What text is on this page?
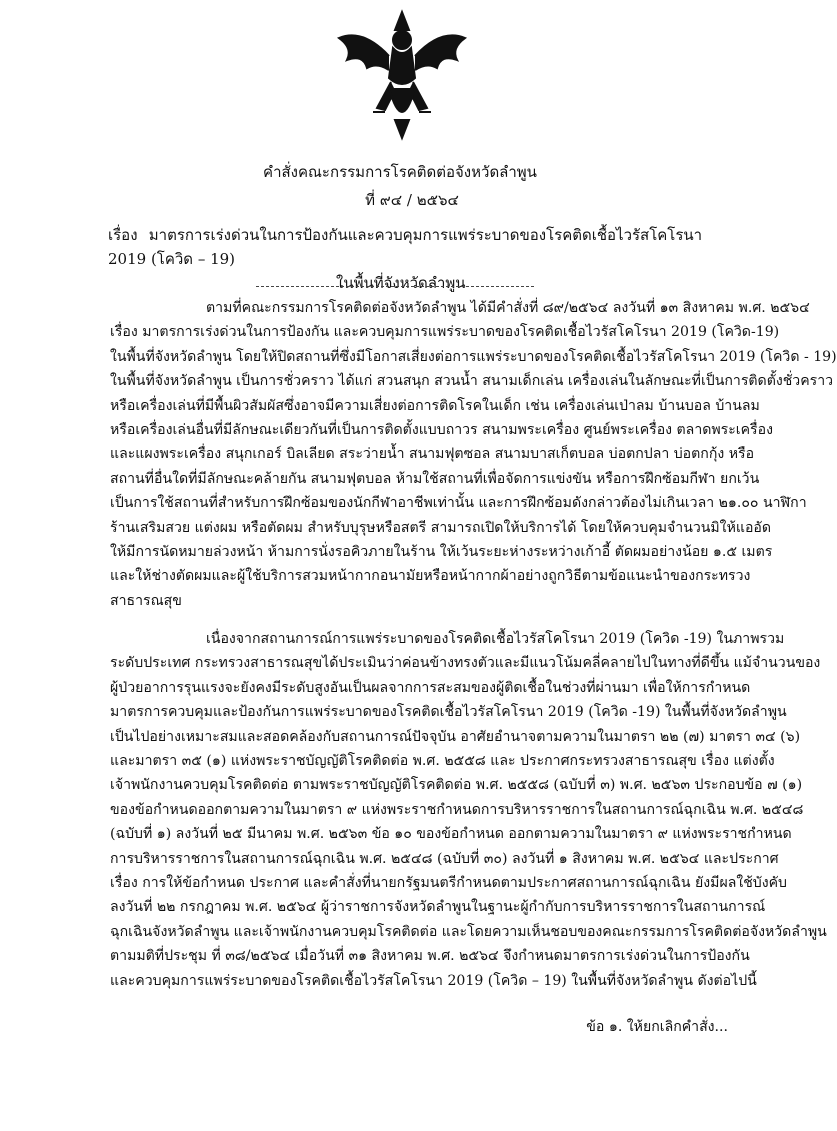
คำสั่งคณะกรรมการโรคติดต่อจังหวัดลำพูน
ที่ ๙๔ / ๒๕๖๔
เรื่อง มาตรการเร่งด่วนในการป้องกันและควบคุมการแพร่ระบาดของโรคติดเชื้อไวรัสโคโรนา 2019 (โควิด – 19)
ในพื้นที่จังหวัดลำพูน
ตามที่คณะกรรมการโรคติดต่อจังหวัดลำพูน ได้มีคำสั่งที่ ๘๙/๒๕๖๔ ลงวันที่ ๑๓ สิงหาคม พ.ศ. ๒๕๖๔
เรื่อง มาตรการเร่งด่วนในการป้องกัน และควบคุมการแพร่ระบาดของโรคติดเชื้อไวรัสโคโรนา 2019 (โควิด-19)
ในพื้นที่จังหวัดลำพูน โดยให้ปิดสถานที่ซึ่งมีโอกาสเสี่ยงต่อการแพร่ระบาดของโรคติดเชื้อไวรัสโคโรนา 2019 (โควิด - 19)
ในพื้นที่จังหวัดลำพูน เป็นการชั่วคราว ได้แก่ สวนสนุก สวนน้ำ สนามเด็กเล่น เครื่องเล่นในลักษณะที่เป็นการติดตั้งชั่วคราว
หรือเครื่องเล่นที่มีพื้นผิวสัมผัสซึ่งอาจมีความเสี่ยงต่อการติดโรคในเด็ก เช่น เครื่องเล่นเป่าลม บ้านบอล บ้านลม
หรือเครื่องเล่นอื่นที่มีลักษณะเดียวกันที่เป็นการติดตั้งแบบถาวร สนามพระเครื่อง ศูนย์พระเครื่อง ตลาดพระเครื่อง
และแผงพระเครื่อง สนุกเกอร์ บิลเลียด สระว่ายน้ำ สนามฟุตซอล สนามบาสเก็ตบอล บ่อตกปลา บ่อตกกุ้ง หรือ
สถานที่อื่นใดที่มีลักษณะคล้ายกัน สนามฟุตบอล ห้ามใช้สถานที่เพื่อจัดการแข่งขัน หรือการฝึกซ้อมกีฬา ยกเว้น
เป็นการใช้สถานที่สำหรับการฝึกซ้อมของนักกีฬาอาชีพเท่านั้น และการฝึกซ้อมดังกล่าวต้องไม่เกินเวลา ๒๑.๐๐ นาฬิกา
ร้านเสริมสวย แต่งผม หรือตัดผม สำหรับบุรุษหรือสตรี สามารถเปิดให้บริการได้ โดยให้ควบคุมจำนวนมิให้แออัด
ให้มีการนัดหมายล่วงหน้า ห้ามการนั่งรอคิวภายในร้าน ให้เว้นระยะห่างระหว่างเก้าอี้ ตัดผมอย่างน้อย ๑.๕ เมตร
และให้ช่างตัดผมและผู้ใช้บริการสวมหน้ากากอนามัยหรือหน้ากากผ้าอย่างถูกวิธีตามข้อแนะนำของกระทรวง
สาธารณสุข
เนื่องจากสถานการณ์การแพร่ระบาดของโรคติดเชื้อไวรัสโคโรนา 2019 (โควิด -19) ในภาพรวม
ระดับประเทศ กระทรวงสาธารณสุขได้ประเมินว่าค่อนข้างทรงตัวและมีแนวโน้มคลี่คลายไปในทางที่ดีขึ้น แม้จำนวนของ
ผู้ป่วยอาการรุนแรงจะยังคงมีระดับสูงอันเป็นผลจากการสะสมของผู้ติดเชื้อในช่วงที่ผ่านมา เพื่อให้การกำหนด
มาตรการควบคุมและป้องกันการแพร่ระบาดของโรคติดเชื้อไวรัสโคโรนา 2019 (โควิด -19) ในพื้นที่จังหวัดลำพูน
เป็นไปอย่างเหมาะสมและสอดคล้องกับสถานการณ์ปัจจุบัน อาศัยอำนาจตามความในมาตรา ๒๒ (๗) มาตรา ๓๔ (๖)
และมาตรา ๓๕ (๑) แห่งพระราชบัญญัติโรคติดต่อ พ.ศ. ๒๕๕๘ และ ประกาศกระทรวงสาธารณสุข เรื่อง แต่งตั้ง
เจ้าพนักงานควบคุมโรคติดต่อ ตามพระราชบัญญัติโรคติดต่อ พ.ศ. ๒๕๕๘ (ฉบับที่ ๓) พ.ศ. ๒๕๖๓ ประกอบข้อ ๗ (๑)
ของข้อกำหนดออกตามความในมาตรา ๙ แห่งพระราชกำหนดการบริหารราชการในสถานการณ์ฉุกเฉิน พ.ศ. ๒๕๔๘
(ฉบับที่ ๑) ลงวันที่ ๒๕ มีนาคม พ.ศ. ๒๕๖๓ ข้อ ๑๐ ของข้อกำหนด ออกตามความในมาตรา ๙ แห่งพระราชกำหนด
การบริหารราชการในสถานการณ์ฉุกเฉิน พ.ศ. ๒๕๔๘ (ฉบับที่ ๓๐) ลงวันที่ ๑ สิงหาคม พ.ศ. ๒๕๖๔ และประกาศ
เรื่อง การให้ข้อกำหนด ประกาศ และคำสั่งที่นายกรัฐมนตรีกำหนดตามประกาศสถานการณ์ฉุกเฉิน ยังมีผลใช้บังคับ
ลงวันที่ ๒๒ กรกฎาคม พ.ศ. ๒๕๖๔ ผู้ว่าราชการจังหวัดลำพูนในฐานะผู้กำกับการบริหารราชการในสถานการณ์
ฉุกเฉินจังหวัดลำพูน และเจ้าพนักงานควบคุมโรคติดต่อ และโดยความเห็นชอบของคณะกรรมการโรคติดต่อจังหวัดลำพูน
ตามมติที่ประชุม ที่ ๓๘/๒๕๖๔ เมื่อวันที่ ๓๑ สิงหาคม พ.ศ. ๒๕๖๔ จึงกำหนดมาตรการเร่งด่วนในการป้องกัน
และควบคุมการแพร่ระบาดของโรคติดเชื้อไวรัสโคโรนา 2019 (โควิด – 19) ในพื้นที่จังหวัดลำพูน ดังต่อไปนี้
ข้อ ๑. ให้ยกเลิกคำสั่ง...
